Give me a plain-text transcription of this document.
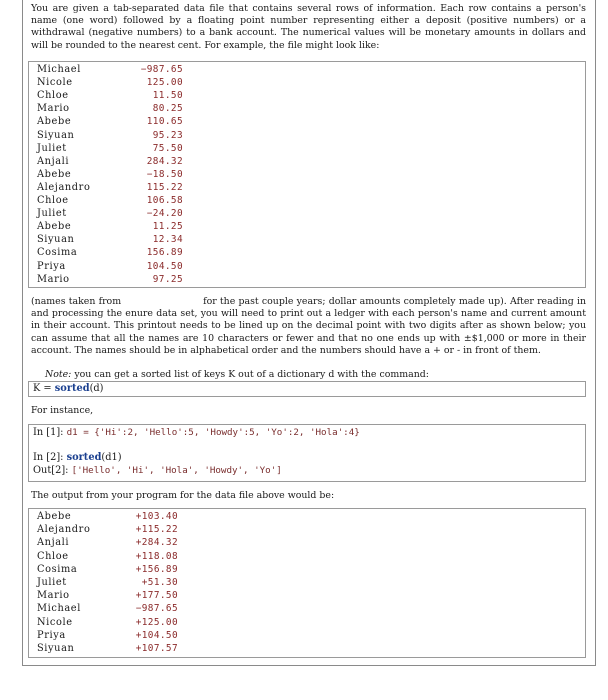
You are given a tab-separated data file that contains several rows of information. Each row contains a person's name (one word) followed by a floating point number representing either a deposit (positive numbers) or a withdrawal (negative numbers) to a bank account. The numerical values will be monetary amounts in dollars and will be rounded to the nearest cent. For example, the file might look like:
Michael	−987.65
Nicole	125.00
Chloe	11.50
Mario	80.25
Abebe	110.65
Siyuan	95.23
Juliet	75.50
Anjali	284.32
Abebe	−18.50
Alejandro	115.22
Chloe	106.58
Juliet	−24.20
Abebe	11.25
Siyuan	12.34
Cosima	156.89
Priya	104.50
Mario	97.25
(names taken from	for the past couple years; dollar amounts completely made up). After reading in and processing the enure data set, you will need to print out a ledger with each person's name and current amount in their account. This printout needs to be lined up on the decimal point with two digits after as shown below; you can assume that all the names are 10 characters or fewer and that no one ends up with ±$1,000 or more in their account. The names should be in alphabetical order and the numbers should have a + or - in front of them.
Note: you can get a sorted list of keys K out of a dictionary d with the command:
K = sorted(d)
For instance,
In [1]: d1 = {'Hi':2, 'Hello':5, 'Howdy':5, 'Yo':2, 'Hola':4}
In [2]: sorted(d1)
Out[2]: ['Hello', 'Hi', 'Hola', 'Howdy', 'Yo']
The output from your program for the data file above would be:
Abebe	+103.40
Alejandro	+115.22
Anjali	+284.32
Chloe	+118.08
Cosima	+156.89
Juliet	+51.30
Mario	+177.50
Michael	−987.65
Nicole	+125.00
Priya	+104.50
Siyuan	+107.57
